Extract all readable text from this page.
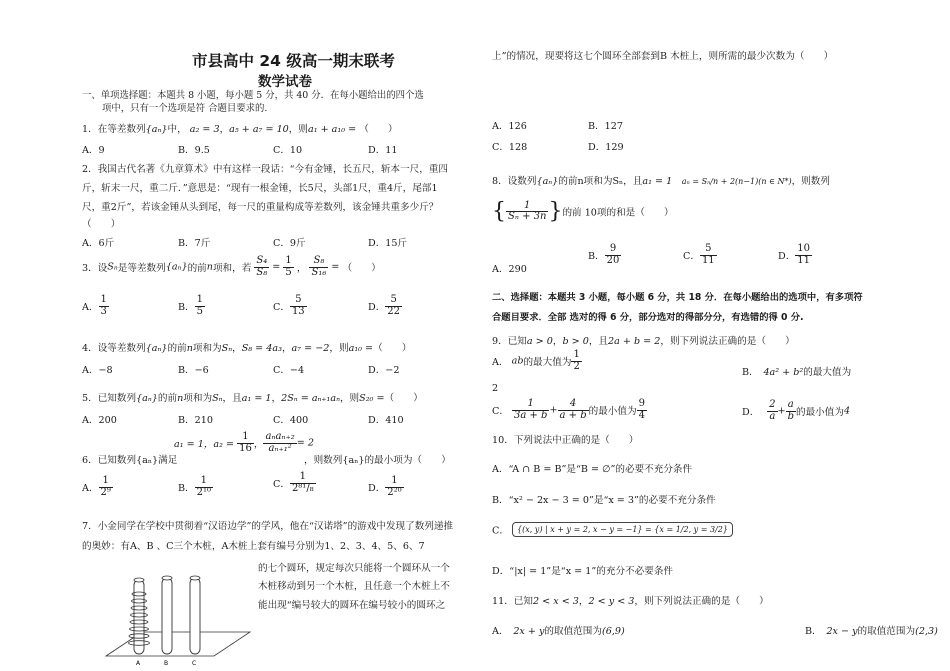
市县高中 24 级高一期末联考
数学试卷
一、单项选择题：本题共 8 小题，每小题 5 分，共 40 分．在每小题给出的四个选
项中，只有一个选项是符 合题目要求的.
1．在等差数列{aₙ}中， a₂ = 3，a₅ + a₇ = 10，则a₁ + a₁₀ = （　　）
A．9	B．9.5	C．10	D．11
2．我国古代名著《九章算术》中有这样一段话：“今有金锤，长五尺，斩本一尺，重四
斤，斩末一尺，重二斤．”意思是：“现有一根金锤，长5尺，头部1尺，重4斤，尾部1
尺，重2斤”，若该金锤从头到尾，每一尺的重量构成等差数列，该金锤共重多少斤？
（　　）
A．6斤	B．7斤	C．9斤	D．15斤
3．设Sₙ是等差数列{aₙ}的前n项和，若 $\frac{\text{S₄}}{\text{S₈}} = \frac{1}{5}$ ， $\frac{\text{S₈}}{\text{S₁₆}}$ = （　　）
A． $\frac{1}{3}$	B． $\frac{1}{5}$	C． $\frac{5}{13}$	D． $\frac{5}{22}$
4．设等差数列{aₙ}的前n项和为Sₙ，S₈ = 4a₃，a₇ = −2，则a₁₀ =（　　）
A．−8	B．−6	C．−4	D．−2
5．已知数列{aₙ}的前n项和为Sₙ，且a₁ = 1，2Sₙ = aₙ₊₁aₙ，则S₂₀ =（　　）
A．200	B．210	C．400	D．410
6．已知数列{aₙ}满足
a₁ = 1，$a_2 = \frac{1}{16}$ ， $\frac{\text{aₙaₙ₊₂}}{\text{aₙ₊₁²}} = 2$
，则数列{aₙ}的最小项为（　　）
A． $\frac{1}{\text{2⁹}}$	B． $\frac{1}{\text{2¹⁰}}$	C． $\frac{1}{\text{2⁸¹/₈}}$	D． $\frac{1}{\text{2²⁰}}$
7．小金同学在学校中贯彻着“汉语边学”的学风，他在“汉诺塔”的游戏中发现了数列递推
的奥妙：有A、B 、C三个木桩，A木桩上套有编号分别为1、2、3、4、5、6、7
的七个圆环，规定每次只能将一个圆环从一个
木桩移动到另一个木桩，且任意一个木桩上不
能出现“编号较大的圆环在编号较小的圆环之
A	B	C
上”的情况，现要将这七个圆环全部套到B 木桩上，则所需的最少次数为（　　）
A．126	B．127
C．128	D．129
8．设数列{aₙ}的前n项和为Sₙ，且a₁ = 1　 aₙ = Sₙ/n + 2(n−1)(n ∈ N*)，则数列
{ $\frac{1}{\text{Sₙ + 3n}}$ }的前 10项的和是（　　）
A．290
B． $\frac{9}{20}$	C． $\frac{5}{11}$	D． $\frac{10}{11}$
二、选择题：本题共 3 小题，每小题 6 分，共 18 分．在每小题给出的选项中，有多项符
合题目要求．全部 选对的得 6 分，部分选对的得部分分，有选错的得 0 分.
9．已知a > 0，b > 0，且2a + b = 2，则下列说法正确的是（　　）
A． ab的最大值为 $\frac{1}{2}$
B．　 4a² + b²的最大值为
2
C． $\frac{1}{3a + b} + \frac{4}{a + b}$ 的最小值为 $\frac{9}{4}$	D．　 $\frac{2}{a} + \frac{a}{b}$ 的最小值为4
10．下列说法中正确的是（　　）
A．“A ∩ B = B”是“B = ∅”的必要不充分条件
B．“x² − 2x − 3 = 0”是“x = 3”的必要不充分条件
C． {(x, y) | x + y = 2, x − y = −1} = {x = 1/2, y = 3/2}
D．“|x| = 1”是“x = 1”的充分不必要条件
11．已知2 < x < 3，2 < y < 3，则下列说法正确的是（　　）
A．　 2x + y的取值范围为(6,9)	B．　 2x − y的取值范围为(2,3)
